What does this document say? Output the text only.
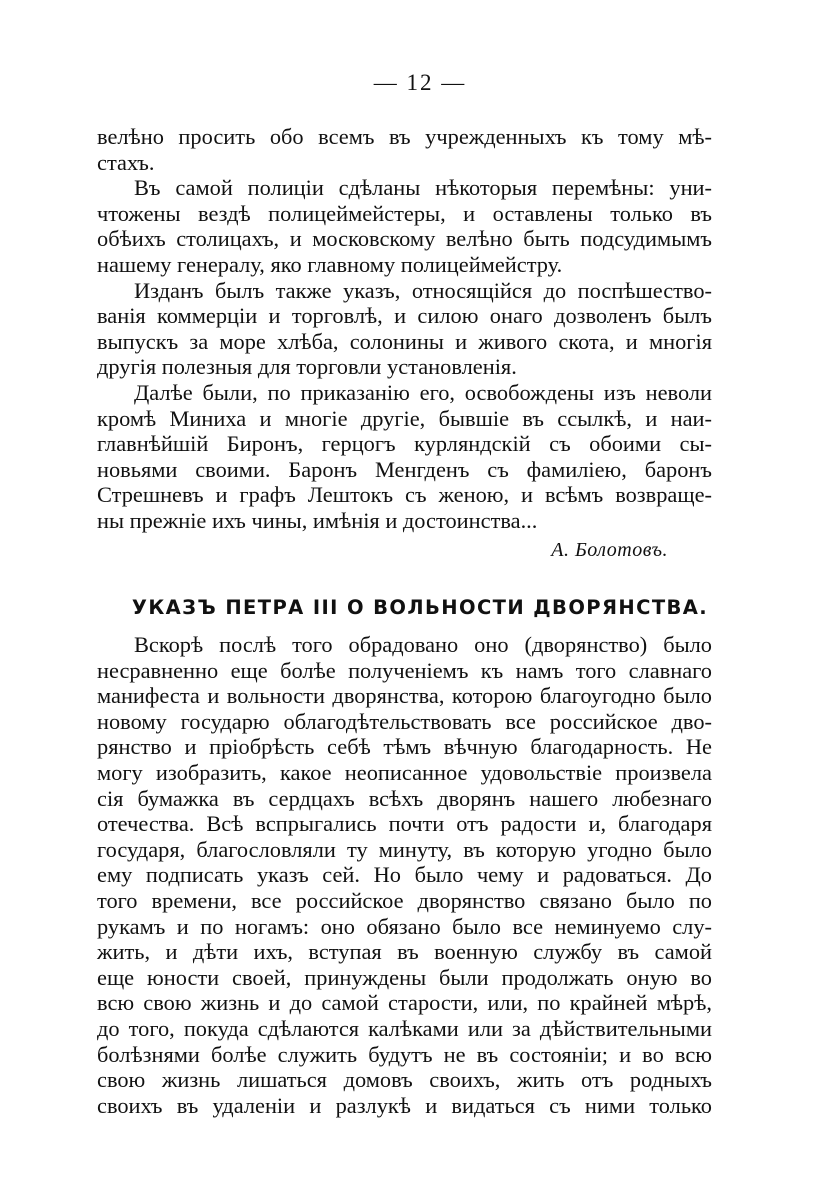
— 12 —
велѣно просить обо всемъ въ учрежденныхъ къ тому мѣ-
стахъ.
Въ самой полиціи сдѣланы нѣкоторыя перемѣны: уни-
чтожены вездѣ полицеймейстеры, и оставлены только въ
обѣихъ столицахъ, и московскому велѣно быть подсудимымъ
нашему генералу, яко главному полицеймейстру.
Изданъ былъ также указъ, относящійся до поспѣшество-
ванія коммерціи и торговлѣ, и силою онаго дозволенъ былъ
выпускъ за море хлѣба, солонины и живого скота, и многія
другія полезныя для торговли установленія.
Далѣе были, по приказанію его, освобождены изъ неволи
кромѣ Миниха и многіе другіе, бывшіе въ ссылкѣ, и наи-
главнѣйшій Биронъ, герцогъ курляндскій съ обоими сы-
новьями своими. Баронъ Менгденъ съ фамиліею, баронъ
Стрешневъ и графъ Лештокъ съ женою, и всѣмъ возвраще-
ны прежніе ихъ чины, имѣнія и достоинства...
А. Болотовъ.
УКАЗЪ ПЕТРА III О ВОЛЬНОСТИ ДВОРЯНСТВА.
Вскорѣ послѣ того обрадовано оно (дворянство) было
несравненно еще болѣе полученіемъ къ намъ того славнаго
манифеста и вольности дворянства, которою благоугодно было
новому государю облагодѣтельствовать все российское дво-
рянство и пріобрѣсть себѣ тѣмъ вѣчную благодарность. Не
могу изобразить, какое неописанное удовольствіе произвела
сія бумажка въ сердцахъ всѣхъ дворянъ нашего любезнаго
отечества. Всѣ вспрыгались почти отъ радости и, благодаря
государя, благословляли ту минуту, въ которую угодно было
ему подписать указъ сей. Но было чему и радоваться. До
того времени, все российское дворянство связано было по
рукамъ и по ногамъ: оно обязано было все неминуемо слу-
жить, и дѣти ихъ, вступая въ военную службу въ самой
еще юности своей, принуждены были продолжать оную во
всю свою жизнь и до самой старости, или, по крайней мѣрѣ,
до того, покуда сдѣлаются калѣками или за дѣйствительными
болѣзнями болѣе служить будутъ не въ состояніи; и во всю
свою жизнь лишаться домовъ своихъ, жить отъ родныхъ
своихъ въ удаленіи и разлукѣ и видаться съ ними только
